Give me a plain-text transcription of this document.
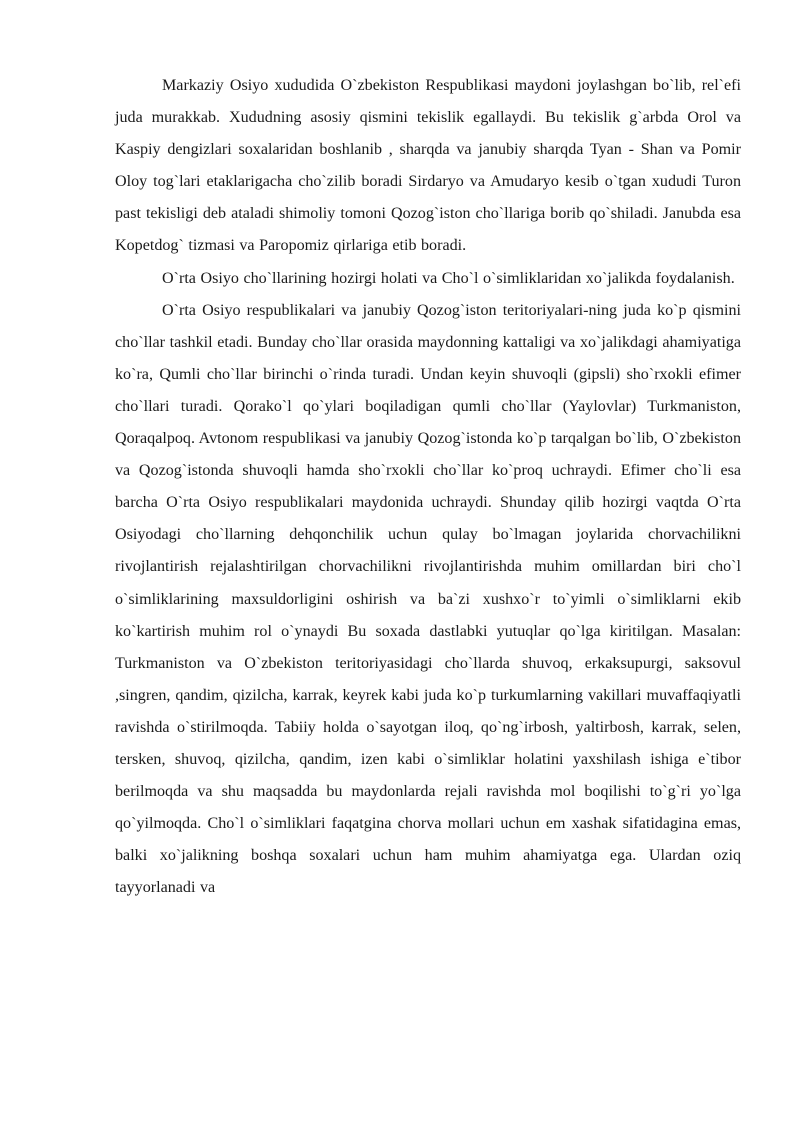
Markaziy Osiyo xududida O`zbekiston Respublikasi maydoni joylashgan bo`lib, rel`efi juda murakkab. Xududning asosiy qismini tekislik egallaydi. Bu tekislik g`arbda Orol va Kaspiy dengizlari soxalaridan boshlanib , sharqda va janubiy sharqda Tyan - Shan va Pomir Oloy tog`lari etaklarigacha cho`zilib boradi Sirdaryo va Amudaryo kesib o`tgan xududi Turon past tekisligi deb ataladi shimoliy tomoni Qozog`iston cho`llariga borib qo`shiladi. Janubda esa Kopetdog` tizmasi va Paropomiz qirlariga etib boradi.

O`rta Osiyo cho`llarining hozirgi holati va Cho`l o`simliklaridan xo`jalikda foydalanish.

O`rta Osiyo respublikalari va janubiy Qozog`iston teritoriyalari-ning juda ko`p qismini cho`llar tashkil etadi. Bunday cho`llar orasida maydonning kattaligi va xo`jalikdagi ahamiyatiga ko`ra, Qumli cho`llar birinchi o`rinda turadi. Undan keyin shuvoqli (gipsli) sho`rxokli efimer cho`llari turadi. Qorako`l qo`ylari boqiladigan qumli cho`llar (Yaylovlar) Turkmaniston, Qoraqalpoq. Avtonom respublikasi va janubiy Qozog`istonda ko`p tarqalgan bo`lib, O`zbekiston va Qozog`istonda shuvoqli hamda sho`rxokli cho`llar ko`proq uchraydi. Efimer cho`li esa barcha O`rta Osiyo respublikalari maydonida uchraydi. Shunday qilib hozirgi vaqtda O`rta Osiyodagi cho`llarning dehqonchilik uchun qulay bo`lmagan joylarida chorvachilikni rivojlantirish rejalashtirilgan chorvachilikni rivojlantirishda muhim omillardan biri cho`l o`simliklarining maxsuldorligini oshirish va ba`zi xushxo`r to`yimli o`simliklarni ekib ko`kartirish muhim rol o`ynaydi Bu soxada dastlabki yutuqlar qo`lga kiritilgan. Masalan: Turkmaniston va O`zbekiston teritoriyasidagi cho`llarda shuvoq, erkaksupurgi, saksovul ,singren, qandim, qizilcha, karrak, keyrek kabi juda ko`p turkumlarning vakillari muvaffaqiyatli ravishda o`stirilmoqda. Tabiiy holda o`sayotgan iloq, qo`ng`irbosh, yaltirbosh, karrak, selen, tersken, shuvoq, qizilcha, qandim, izen kabi o`simliklar holatini yaxshilash ishiga e`tibor berilmoqda va shu maqsadda bu maydonlarda rejali ravishda mol boqilishi to`g`ri yo`lga qo`yilmoqda. Cho`l o`simliklari faqatgina chorva mollari uchun em xashak sifatidagina emas, balki xo`jalikning boshqa soxalari uchun ham muhim ahamiyatga ega. Ulardan oziq tayyorlanadi va
